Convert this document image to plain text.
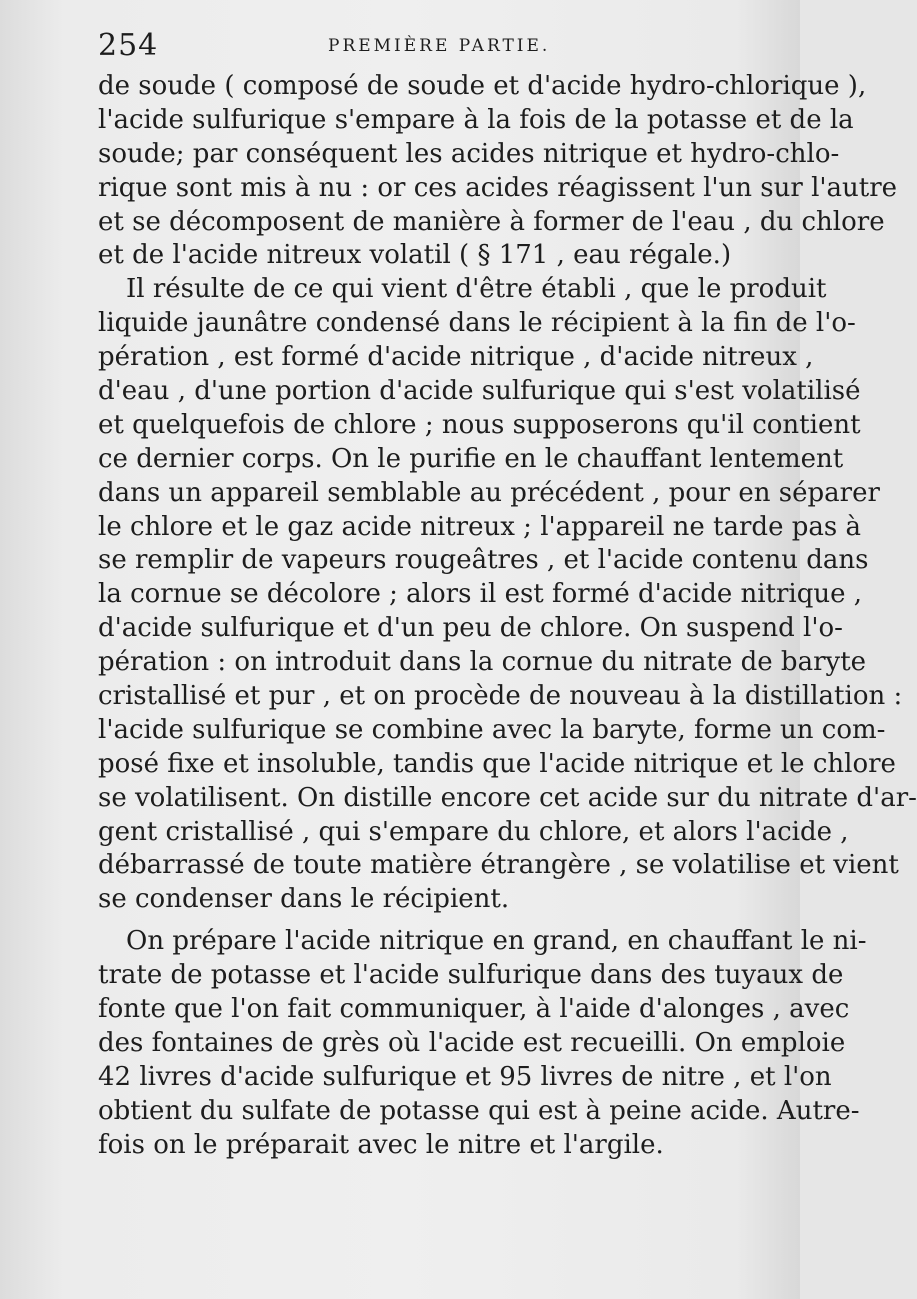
254	PREMIÈRE PARTIE.
de soude ( composé de soude et d'acide hydro-chlorique ),
l'acide sulfurique s'empare à la fois de la potasse et de la
soude; par conséquent les acides nitrique et hydro-chlo-
rique sont mis à nu : or ces acides réagissent l'un sur l'autre
et se décomposent de manière à former de l'eau , du chlore
et de l'acide nitreux volatil ( § 171 , eau régale.)
Il résulte de ce qui vient d'être établi , que le produit
liquide jaunâtre condensé dans le récipient à la fin de l'o-
pération , est formé d'acide nitrique , d'acide nitreux ,
d'eau , d'une portion d'acide sulfurique qui s'est volatilisé
et quelquefois de chlore ; nous supposerons qu'il contient
ce dernier corps. On le purifie en le chauffant lentement
dans un appareil semblable au précédent , pour en séparer
le chlore et le gaz acide nitreux ; l'appareil ne tarde pas à
se remplir de vapeurs rougeâtres , et l'acide contenu dans
la cornue se décolore ; alors il est formé d'acide nitrique ,
d'acide sulfurique et d'un peu de chlore. On suspend l'o-
pération : on introduit dans la cornue du nitrate de baryte
cristallisé et pur , et on procède de nouveau à la distillation :
l'acide sulfurique se combine avec la baryte, forme un com-
posé fixe et insoluble, tandis que l'acide nitrique et le chlore
se volatilisent. On distille encore cet acide sur du nitrate d'ar-
gent cristallisé , qui s'empare du chlore, et alors l'acide ,
débarrassé de toute matière étrangère , se volatilise et vient
se condenser dans le récipient.
On prépare l'acide nitrique en grand, en chauffant le ni-
trate de potasse et l'acide sulfurique dans des tuyaux de
fonte que l'on fait communiquer, à l'aide d'alonges , avec
des fontaines de grès où l'acide est recueilli. On emploie
42 livres d'acide sulfurique et 95 livres de nitre , et l'on
obtient du sulfate de potasse qui est à peine acide. Autre-
fois on le préparait avec le nitre et l'argile.
